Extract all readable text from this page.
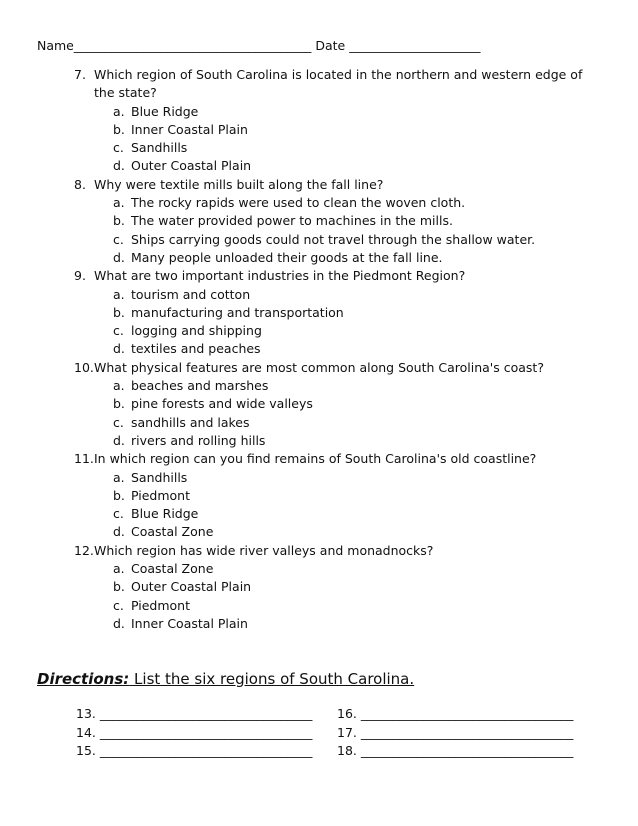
Name______________________________________ Date _____________________
7. Which region of South Carolina is located in the northern and western edge of the state?
a. Blue Ridge
b. Inner Coastal Plain
c. Sandhills
d. Outer Coastal Plain
8. Why were textile mills built along the fall line?
a. The rocky rapids were used to clean the woven cloth.
b. The water provided power to machines in the mills.
c. Ships carrying goods could not travel through the shallow water.
d. Many people unloaded their goods at the fall line.
9. What are two important industries in the Piedmont Region?
a. tourism and cotton
b. manufacturing and transportation
c. logging and shipping
d. textiles and peaches
10. What physical features are most common along South Carolina's coast?
a. beaches and marshes
b. pine forests and wide valleys
c. sandhills and lakes
d. rivers and rolling hills
11. In which region can you find remains of South Carolina's old coastline?
a. Sandhills
b. Piedmont
c. Blue Ridge
d. Coastal Zone
12. Which region has wide river valleys and monadnocks?
a. Coastal Zone
b. Outer Coastal Plain
c. Piedmont
d. Inner Coastal Plain
Directions: List the six regions of South Carolina.
13. __________________________________ 16. __________________________________
14. __________________________________ 17. __________________________________
15. __________________________________ 18. __________________________________
